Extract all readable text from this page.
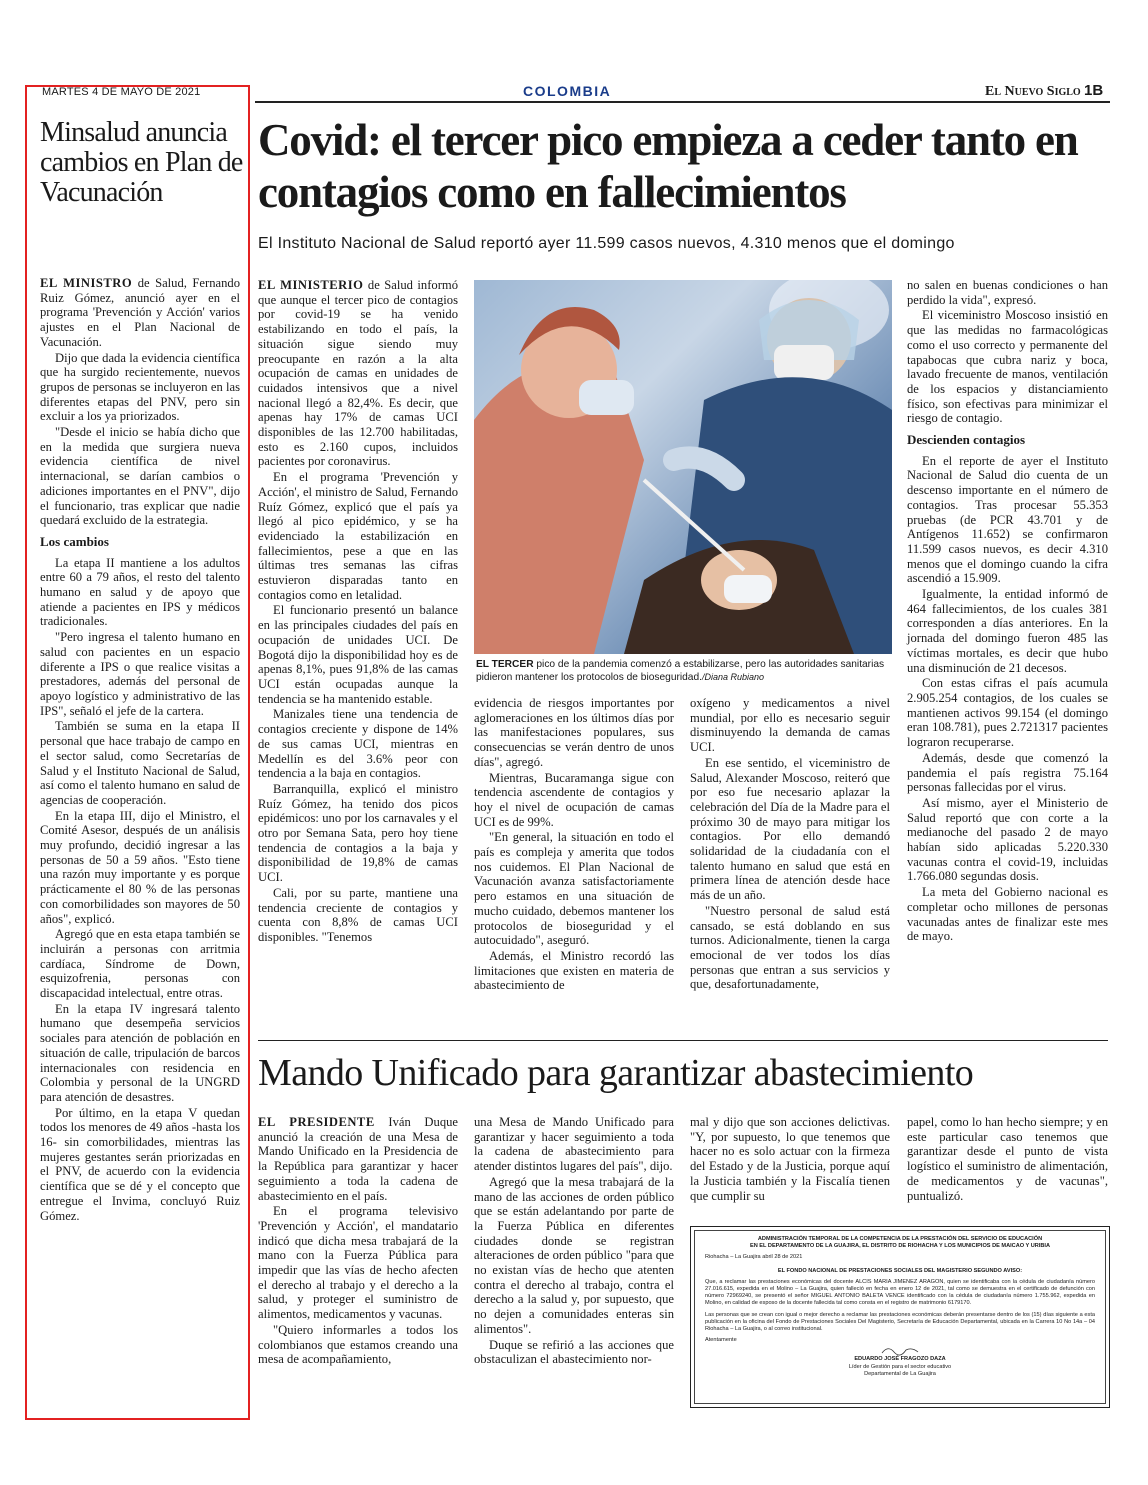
MARTES 4 DE MAYO DE 2021	COLOMBIA	El Nuevo Siglo 1B
Minsalud anuncia cambios en Plan de Vacunación

EL MINISTRO de Salud, Fernando Ruiz Gómez, anunció ayer en el programa 'Prevención y Acción' varios ajustes en el Plan Nacional de Vacunación.

Dijo que dada la evidencia científica que ha surgido recientemente, nuevos grupos de personas se incluyeron en las diferentes etapas del PNV, pero sin excluir a los ya priorizados.

"Desde el inicio se había dicho que en la medida que surgiera nueva evidencia científica de nivel internacional, se darían cambios o adiciones importantes en el PNV", dijo el funcionario, tras explicar que nadie quedará excluido de la estrategia.

Los cambios

La etapa II mantiene a los adultos entre 60 a 79 años, el resto del talento humano en salud y de apoyo que atiende a pacientes en IPS y médicos tradicionales.

"Pero ingresa el talento humano en salud con pacientes en un espacio diferente a IPS o que realice visitas a prestadores, además del personal de apoyo logístico y administrativo de las IPS", señaló el jefe de la cartera.

También se suma en la etapa II personal que hace trabajo de campo en el sector salud, como Secretarías de Salud y el Instituto Nacional de Salud, así como el talento humano en salud de agencias de cooperación.

En la etapa III, dijo el Ministro, el Comité Asesor, después de un análisis muy profundo, decidió ingresar a las personas de 50 a 59 años. "Esto tiene una razón muy importante y es porque prácticamente el 80 % de las personas con comorbilidades son mayores de 50 años", explicó.

Agregó que en esta etapa también se incluirán a personas con arritmia cardíaca, Síndrome de Down, esquizofrenia, personas con discapacidad intelectual, entre otras.

En la etapa IV ingresará talento humano que desempeña servicios sociales para atención de población en situación de calle, tripulación de barcos internacionales con residencia en Colombia y personal de la UNGRD para atención de desastres.

Por último, en la etapa V quedan todos los menores de 49 años -hasta los 16- sin comorbilidades, mientras las mujeres gestantes serán priorizadas en el PNV, de acuerdo con la evidencia científica que se dé y el concepto que entregue el Invima, concluyó Ruiz Gómez.

Covid: el tercer pico empieza a ceder tanto en contagios como en fallecimientos
El Instituto Nacional de Salud reportó ayer 11.599 casos nuevos, 4.310 menos que el domingo

EL MINISTERIO de Salud informó que aunque el tercer pico de contagios por covid-19 se ha venido estabilizando en todo el país, la situación sigue siendo muy preocupante en razón a la alta ocupación de camas en unidades de cuidados intensivos que a nivel nacional llegó a 82,4%. Es decir, que apenas hay 17% de camas UCI disponibles de las 12.700 habilitadas, esto es 2.160 cupos, incluidos pacientes por coronavirus.

En el programa 'Prevención y Acción', el ministro de Salud, Fernando Ruíz Gómez, explicó que el país ya llegó al pico epidémico, y se ha evidenciado la estabilización en fallecimientos, pese a que en las últimas tres semanas las cifras estuvieron disparadas tanto en contagios como en letalidad.

El funcionario presentó un balance en las principales ciudades del país en ocupación de unidades UCI. De Bogotá dijo la disponibilidad hoy es de apenas 8,1%, pues 91,8% de las camas UCI están ocupadas aunque la tendencia se ha mantenido estable.

Manizales tiene una tendencia de contagios creciente y dispone de 14% de sus camas UCI, mientras en Medellín es del 3.6% peor con tendencia a la baja en contagios.

Barranquilla, explicó el ministro Ruíz Gómez, ha tenido dos picos epidémicos: uno por los carnavales y el otro por Semana Sata, pero hoy tiene tendencia de contagios a la baja y disponibilidad de 19,8% de camas UCI.

Cali, por su parte, mantiene una tendencia creciente de contagios y cuenta con 8,8% de camas UCI disponibles. "Tenemos

EL TERCER pico de la pandemia comenzó a estabilizarse, pero las autoridades sanitarias pidieron mantener los protocolos de bioseguridad./Diana Rubiano

evidencia de riesgos importantes por aglomeraciones en los últimos días por las manifestaciones populares, sus consecuencias se verán dentro de unos días", agregó.

Mientras, Bucaramanga sigue con tendencia ascendente de contagios y hoy el nivel de ocupación de camas UCI es de 99%.

"En general, la situación en todo el país es compleja y amerita que todos nos cuidemos. El Plan Nacional de Vacunación avanza satisfactoriamente pero estamos en una situación de mucho cuidado, debemos mantener los protocolos de bioseguridad y el autocuidado", aseguró.

Además, el Ministro recordó las limitaciones que existen en materia de abastecimiento de

oxígeno y medicamentos a nivel mundial, por ello es necesario seguir disminuyendo la demanda de camas UCI.

En ese sentido, el viceministro de Salud, Alexander Moscoso, reiteró que por eso fue necesario aplazar la celebración del Día de la Madre para el próximo 30 de mayo para mitigar los contagios. Por ello demandó solidaridad de la ciudadanía con el talento humano en salud que está en primera línea de atención desde hace más de un año.

"Nuestro personal de salud está cansado, se está doblando en sus turnos. Adicionalmente, tienen la carga emocional de ver todos los días personas que entran a sus servicios y que, desafortunadamente,

no salen en buenas condiciones o han perdido la vida", expresó.

El viceministro Moscoso insistió en que las medidas no farmacológicas como el uso correcto y permanente del tapabocas que cubra nariz y boca, lavado frecuente de manos, ventilación de los espacios y distanciamiento físico, son efectivas para minimizar el riesgo de contagio.

Descienden contagios

En el reporte de ayer el Instituto Nacional de Salud dio cuenta de un descenso importante en el número de contagios. Tras procesar 55.353 pruebas (de PCR 43.701 y de Antígenos 11.652) se confirmaron 11.599 casos nuevos, es decir 4.310 menos que el domingo cuando la cifra ascendió a 15.909.

Igualmente, la entidad informó de 464 fallecimientos, de los cuales 381 corresponden a días anteriores. En la jornada del domingo fueron 485 las víctimas mortales, es decir que hubo una disminución de 21 decesos.

Con estas cifras el país acumula 2.905.254 contagios, de los cuales se mantienen activos 99.154 (el domingo eran 108.781), pues 2.721317 pacientes lograron recuperarse.

Además, desde que comenzó la pandemia el país registra 75.164 personas fallecidas por el virus.

Así mismo, ayer el Ministerio de Salud reportó que con corte a la medianoche del pasado 2 de mayo habían sido aplicadas 5.220.330 vacunas contra el covid-19, incluidas 1.766.080 segundas dosis.

La meta del Gobierno nacional es completar ocho millones de personas vacunadas antes de finalizar este mes de mayo.

Mando Unificado para garantizar abastecimiento

EL PRESIDENTE Iván Duque anunció la creación de una Mesa de Mando Unificado en la Presidencia de la República para garantizar y hacer seguimiento a toda la cadena de abastecimiento en el país.

En el programa televisivo 'Prevención y Acción', el mandatario indicó que dicha mesa trabajará de la mano con la Fuerza Pública para impedir que las vías de hecho afecten el derecho al trabajo y el derecho a la salud, y proteger el suministro de alimentos, medicamentos y vacunas.

"Quiero informarles a todos los colombianos que estamos creando una mesa de acompañamiento,

una Mesa de Mando Unificado para garantizar y hacer seguimiento a toda la cadena de abastecimiento para atender distintos lugares del país", dijo.

Agregó que la mesa trabajará de la mano de las acciones de orden público que se están adelantando por parte de la Fuerza Pública en diferentes ciudades donde se registran alteraciones de orden público "para que no existan vías de hecho que atenten contra el derecho al trabajo, contra el derecho a la salud y, por supuesto, que no dejen a comunidades enteras sin alimentos".

Duque se refirió a las acciones que obstaculizan el abastecimiento nor-

mal y dijo que son acciones delictivas. "Y, por supuesto, lo que tenemos que hacer no es solo actuar con la firmeza del Estado y de la Justicia, porque aquí la Justicia también y la Fiscalía tienen que cumplir su

papel, como lo han hecho siempre; y en este particular caso tenemos que garantizar desde el punto de vista logístico el suministro de alimentación, de medicamentos y de vacunas", puntualizó.

ADMINISTRACIÓN TEMPORAL DE LA COMPETENCIA DE LA PRESTACIÓN DEL SERVICIO DE EDUCACIÓN

EN EL DEPARTAMENTO DE LA GUAJIRA, EL DISTRITO DE RIOHACHA Y LOS MUNICIPIOS DE MAICAO Y URIBIA

Riohacha – La Guajira abril 28 de 2021

EL FONDO NACIONAL DE PRESTACIONES SOCIALES DEL MAGISTERIO SEGUNDO AVISO:

Que, a reclamar las prestaciones económicas del docente ALCIS MARIA JIMENEZ ARAGON, quien se identificaba con la cédula de ciudadanía número 27.016.615, expedida en el Molino – La Guajira, quien falleció en fecha en enero 12 de 2021, tal como se demuestra en el certificado de defunción con número 72969240, se presentó el señor MIGUEL ANTONIO BALETA VENCE identificado con la cédula de ciudadanía número 1.755.962, expedida en Molino, en calidad de esposo de la docente fallecida tal como consta en el registro de matrimonio 6179170.

Las personas que se crean con igual o mejor derecho a reclamar las prestaciones económicas deberán presentarse dentro de los (15) días siguiente a esta publicación en la oficina del Fondo de Prestaciones Sociales Del Magisterio, Secretaría de Educación Departamental, ubicada en la Carrera 10 No 14a – 04 Riohacha – La Guajira, o al correo institucional.

Atentamente

EDUARDO JOSÉ FRAGOZO DAZA

Líder de Gestión para el sector educativo

Departamental de La Guajira
